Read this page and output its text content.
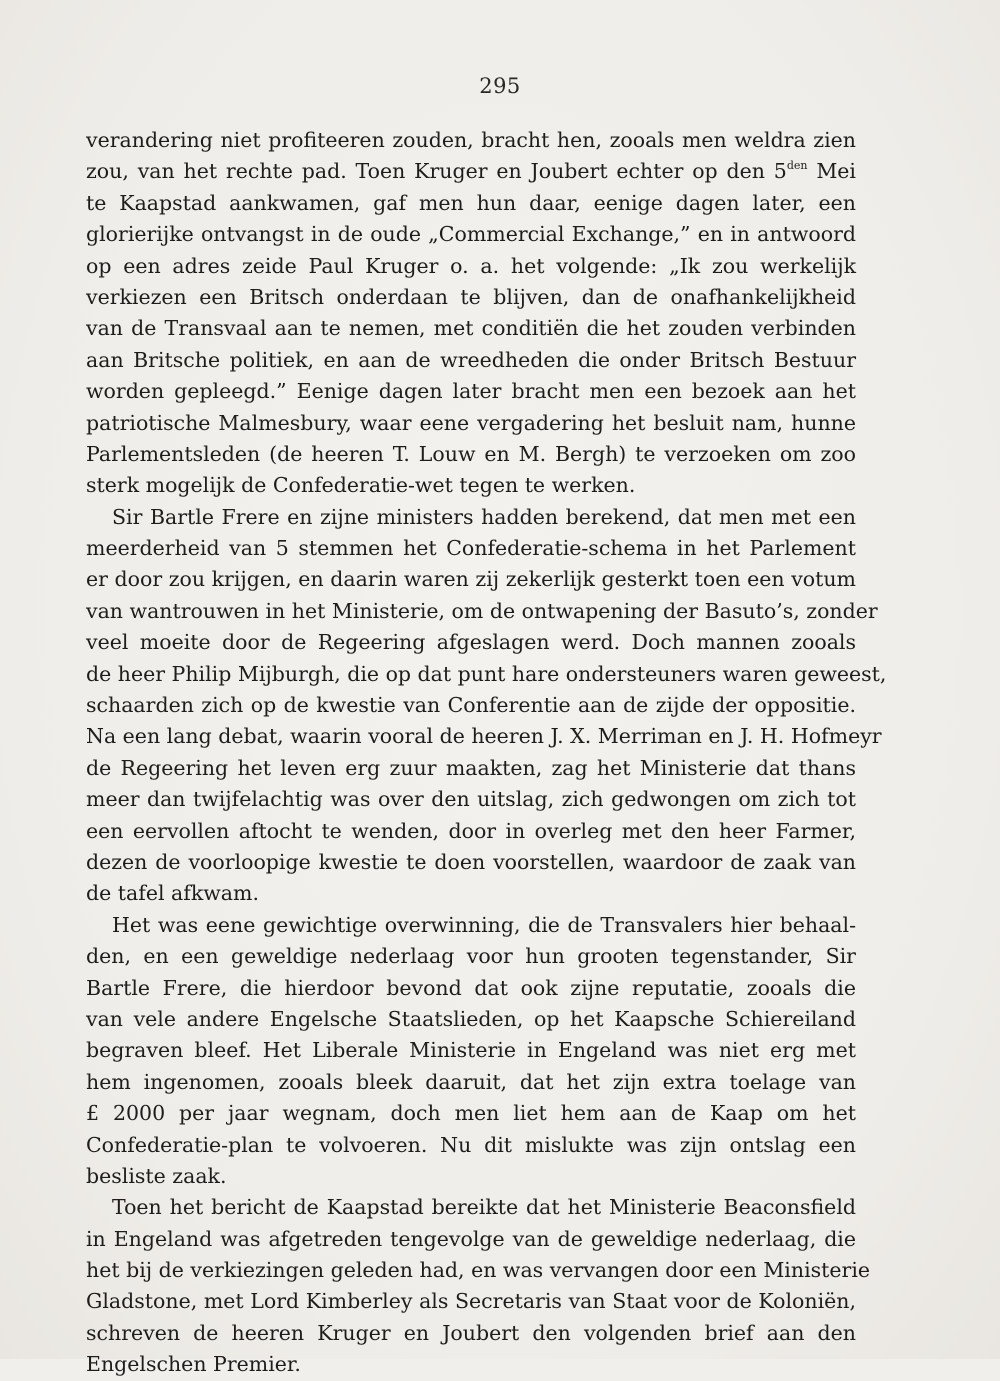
295
verandering niet profiteeren zouden, bracht hen, zooals men weldra zien
zou, van het rechte pad. Toen Kruger en Joubert echter op den $5^{den}$ Mei
te Kaapstad aankwamen, gaf men hun daar, eenige dagen later, een
glorierijke ontvangst in de oude „Commercial Exchange,” en in antwoord
op een adres zeide Paul Kruger o. a. het volgende: „Ik zou werkelijk
verkiezen een Britsch onderdaan te blijven, dan de onafhankelijkheid
van de Transvaal aan te nemen, met conditiën die het zouden verbinden
aan Britsche politiek, en aan de wreedheden die onder Britsch Bestuur
worden gepleegd.” Eenige dagen later bracht men een bezoek aan het
patriotische Malmesbury, waar eene vergadering het besluit nam, hunne
Parlementsleden (de heeren T. Louw en M. Bergh) te verzoeken om zoo
sterk mogelijk de Confederatie-wet tegen te werken.
Sir Bartle Frere en zijne ministers hadden berekend, dat men met een
meerderheid van 5 stemmen het Confederatie-schema in het Parlement
er door zou krijgen, en daarin waren zij zekerlijk gesterkt toen een votum
van wantrouwen in het Ministerie, om de ontwapening der Basuto’s, zonder
veel moeite door de Regeering afgeslagen werd. Doch mannen zooals
de heer Philip Mijburgh, die op dat punt hare ondersteuners waren geweest,
schaarden zich op de kwestie van Conferentie aan de zijde der oppositie.
Na een lang debat, waarin vooral de heeren J. X. Merriman en J. H. Hofmeyr
de Regeering het leven erg zuur maakten, zag het Ministerie dat thans
meer dan twijfelachtig was over den uitslag, zich gedwongen om zich tot
een eervollen aftocht te wenden, door in overleg met den heer Farmer,
dezen de voorloopige kwestie te doen voorstellen, waardoor de zaak van
de tafel afkwam.
Het was eene gewichtige overwinning, die de Transvalers hier behaal-
den, en een geweldige nederlaag voor hun grooten tegenstander, Sir
Bartle Frere, die hierdoor bevond dat ook zijne reputatie, zooals die
van vele andere Engelsche Staatslieden, op het Kaapsche Schiereiland
begraven bleef. Het Liberale Ministerie in Engeland was niet erg met
hem ingenomen, zooals bleek daaruit, dat het zijn extra toelage van
£ 2000 per jaar wegnam, doch men liet hem aan de Kaap om het
Confederatie-plan te volvoeren. Nu dit mislukte was zijn ontslag een
besliste zaak.
Toen het bericht de Kaapstad bereikte dat het Ministerie Beaconsfield
in Engeland was afgetreden tengevolge van de geweldige nederlaag, die
het bij de verkiezingen geleden had, en was vervangen door een Ministerie
Gladstone, met Lord Kimberley als Secretaris van Staat voor de Koloniën,
schreven de heeren Kruger en Joubert den volgenden brief aan den
Engelschen Premier.
